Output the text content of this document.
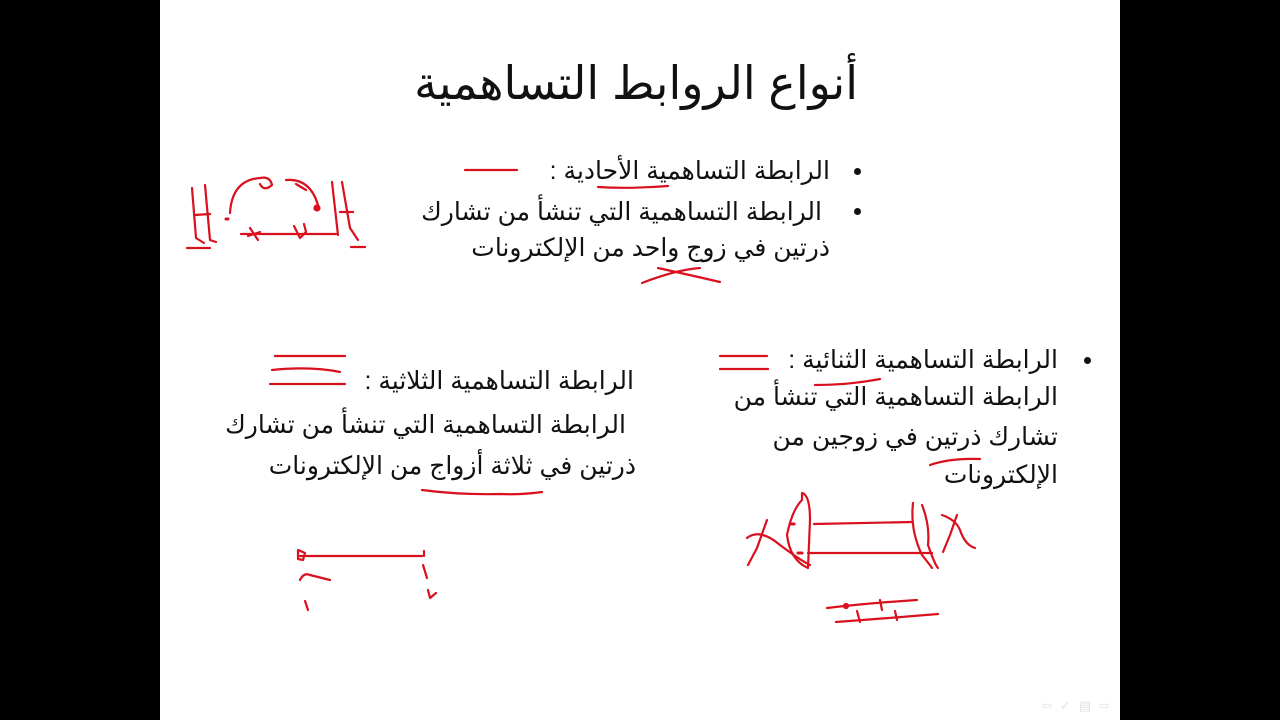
أنواع الروابط التساهمية
الرابطة التساهمية الأحادية :
الرابطة التساهمية التي تنشأ من تشارك
ذرتين في زوج واحد من الإلكترونات
الرابطة التساهمية الثنائية :
الرابطة التساهمية التي تنشأ من
تشارك ذرتين في زوجين من
الإلكترونات
الرابطة التساهمية الثلاثية :
الرابطة التساهمية التي تنشأ من تشارك
ذرتين في ثلاثة أزواج من الإلكترونات
⇦ ✓ ▤ ⇨
